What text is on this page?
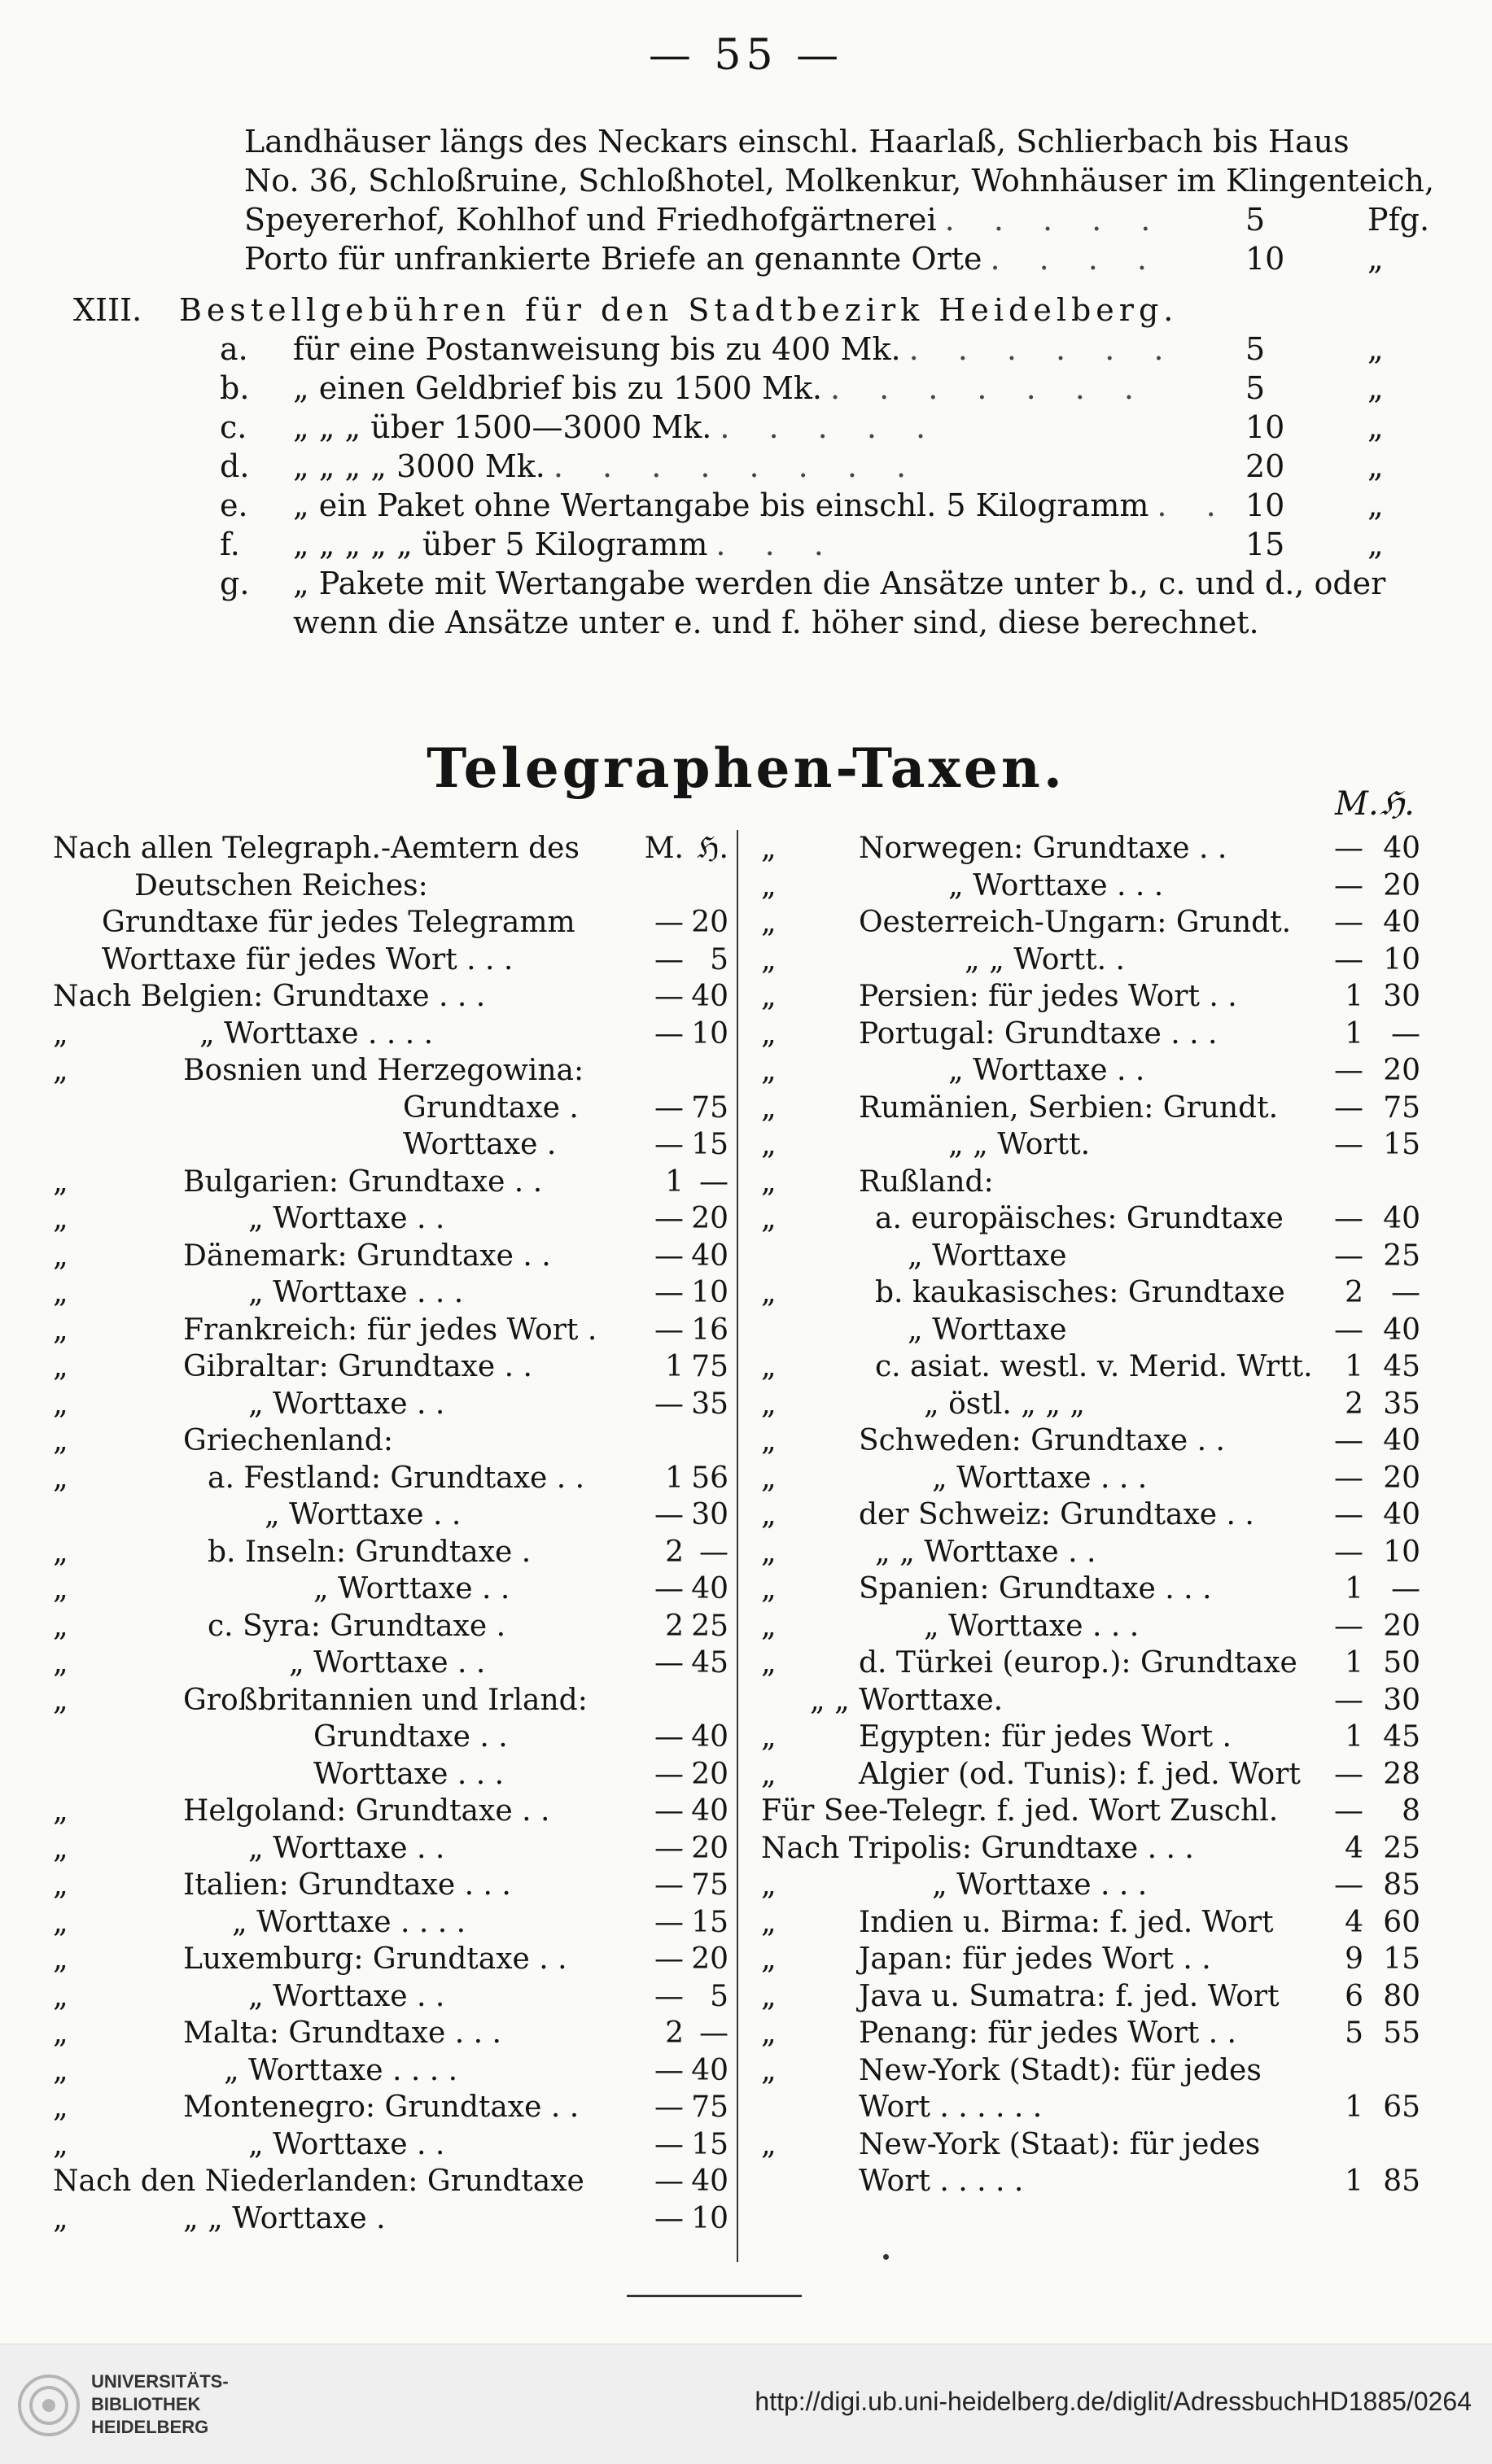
— 55 —
Landhäuser längs des Neckars einschl. Haarlaß, Schlierbach bis Haus
No. 36, Schloßruine, Schloßhotel, Molkenkur, Wohnhäuser im Klingenteich,
Speyererhof, Kohlhof und Friedhofgärtnerei . . . . .	5	Pfg.
Porto für unfrankierte Briefe an genannte Orte . . . .	10	„
XIII.	Bestellgebühren für den Stadtbezirk Heidelberg.
a.	für eine Postanweisung bis zu 400 Mk. . . . . . .	5	„
b.	„ einen Geldbrief bis zu 1500 Mk. . . . . . . .	5	„
c.	„ „ „ über 1500—3000 Mk. . . . . .	10	„
d.	„ „ „ „ 3000 Mk. . . . . . . . .	20	„
e.	„ ein Paket ohne Wertangabe bis einschl. 5 Kilogramm . . 10	„
f.	„ „ „ „ „ über 5 Kilogramm . . .	15	„
g.	„ Pakete mit Wertangabe werden die Ansätze unter b., c. und d., oder
wenn die Ansätze unter e. und f. höher sind, diese berechnet.
Telegraphen-Taxen.
M. ℌ.
Nach allen Telegraph.-Aemtern des	M. ℌ.
Deutschen Reiches:
Grundtaxe für jedes Telegramm	— 20
Worttaxe für jedes Wort . . .	— 5
Nach Belgien: Grundtaxe . . .	— 40
„	„ Worttaxe . . . .	— 10
„	Bosnien und Herzegowina:
Grundtaxe .	— 75
Worttaxe .	— 15
„	Bulgarien: Grundtaxe . .	1 —
„	„ Worttaxe . .	— 20
„	Dänemark: Grundtaxe . .	— 40
„	„ Worttaxe . . .	— 10
„	Frankreich: für jedes Wort .	— 16
„	Gibraltar: Grundtaxe . .	1 75
„	„ Worttaxe . .	— 35
„	Griechenland:
„	a. Festland: Grundtaxe . .	1 56
„ Worttaxe . .	— 30
„	b. Inseln: Grundtaxe .	2 —
„	„ Worttaxe . .	— 40
„	c. Syra: Grundtaxe .	2 25
„	„ Worttaxe . .	— 45
„	Großbritannien und Irland:
Grundtaxe . .	— 40
Worttaxe . . .	— 20
„	Helgoland: Grundtaxe . .	— 40
„	„ Worttaxe . .	— 20
„	Italien: Grundtaxe . . .	— 75
„	„ Worttaxe . . . .	— 15
„	Luxemburg: Grundtaxe . .	— 20
„	„ Worttaxe . .	— 5
„	Malta: Grundtaxe . . .	2 —
„	„ Worttaxe . . . .	— 40
„	Montenegro: Grundtaxe . .	— 75
„	„ Worttaxe . .	— 15
Nach den Niederlanden: Grundtaxe	— 40
„	„ „ Worttaxe .	— 10
„	Norwegen: Grundtaxe . .	— 40
„	„ Worttaxe . . .	— 20
„	Oesterreich-Ungarn: Grundt.	— 40
„	„ „ Wortt. .	— 10
„	Persien: für jedes Wort . .	1 30
„	Portugal: Grundtaxe . . .	1 —
„	„ Worttaxe . .	— 20
„	Rumänien, Serbien: Grundt.	— 75
„	„ „ Wortt.	— 15
„	Rußland:
„	a. europäisches: Grundtaxe	— 40
„ Worttaxe	— 25
„	b. kaukasisches: Grundtaxe	2 —
„ Worttaxe	— 40
„	c. asiat. westl. v. Merid. Wrtt.	1 45
„	„ östl. „ „ „	2 35
„	Schweden: Grundtaxe . .	— 40
„	„ Worttaxe . . .	— 20
„	der Schweiz: Grundtaxe . .	— 40
„	„ „ Worttaxe . .	— 10
„	Spanien: Grundtaxe . . .	1 —
„	„ Worttaxe . . .	— 20
„	d. Türkei (europ.): Grundtaxe	1 50
„ „ Worttaxe.	— 30
„	Egypten: für jedes Wort .	1 45
„	Algier (od. Tunis): f. jed. Wort	— 28
Für See-Telegr. f. jed. Wort Zuschl.	—	8
Nach Tripolis: Grundtaxe . . .	4 25
„	„ Worttaxe . . .	— 85
„	Indien u. Birma: f. jed. Wort	4 60
„	Japan: für jedes Wort . .	9 15
„	Java u. Sumatra: f. jed. Wort	6 80
„	Penang: für jedes Wort . .	5 55
„	New-York (Stadt): für jedes
Wort . . . . . .	1 65
„	New-York (Staat): für jedes
Wort . . . . .	1 85
UNIVERSITÄTS-
BIBLIOTHEK
HEIDELBERG
http://digi.ub.uni-heidelberg.de/diglit/AdressbuchHD1885/0264
